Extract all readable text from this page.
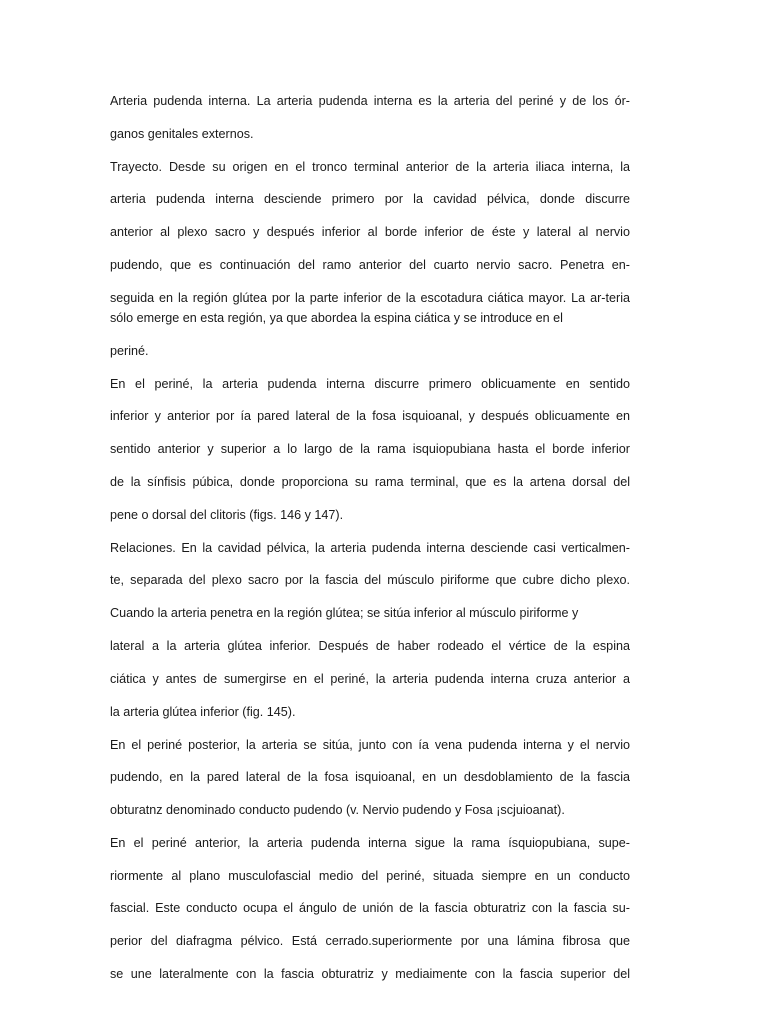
Arteria pudenda interna. La arteria pudenda interna es la arteria del periné y de los ór-
ganos genitales externos.
Trayecto. Desde su origen en el tronco terminal anterior de la arteria iliaca interna, la
arteria pudenda interna desciende primero por la cavidad pélvica, donde discurre
anterior al plexo sacro y después inferior al borde inferior de éste y lateral al nervio
pudendo, que es continuación del ramo anterior del cuarto nervio sacro. Penetra en-
seguida en la región glútea por la parte inferior de la escotadura ciática mayor. La ar-teria
sólo emerge en esta región, ya que abordea la espina ciática y se introduce en el
periné.
En el periné, la arteria pudenda interna discurre primero oblicuamente en sentido
inferior y anterior por ía pared lateral de la fosa isquioanal, y después oblicuamente en
sentido anterior y superior a lo largo de la rama isquiopubiana hasta el borde inferior
de la sínfisis púbica, donde proporciona su rama terminal, que es la artena dorsal del
pene o dorsal del clitoris (figs. 146 y 147).
Relaciones. En la cavidad pélvica, la arteria pudenda interna desciende casi verticalmen-
te, separada del plexo sacro por la fascia del músculo piriforme que cubre dicho plexo.
Cuando la arteria penetra en la región glútea; se sitúa inferior al músculo piriforme y
lateral a la arteria glútea inferior. Después de haber rodeado el vértice de la espina
ciática y antes de sumergirse en el periné, la arteria pudenda interna cruza anterior a
la arteria glútea inferior (fig. 145).
En el periné posterior, la arteria se sitúa, junto con ía vena pudenda interna y el nervio
pudendo, en la pared lateral de la fosa isquioanal, en un desdoblamiento de la fascia
obturatnz denominado conducto pudendo (v. Nervio pudendo y Fosa ¡scjuioanat).
En el periné anterior, la arteria pudenda interna sigue la rama ísquiopubiana, supe-
riormente al plano musculofascial medio del periné, situada siempre en un conducto
fascial. Este conducto ocupa el ángulo de unión de la fascia obturatriz con la fascia su-
perior del diafragma pélvico. Está cerrado.superiormente por una lámina fibrosa que
se une lateralmente con la fascia obturatriz y mediaimente con la fascia superior del
